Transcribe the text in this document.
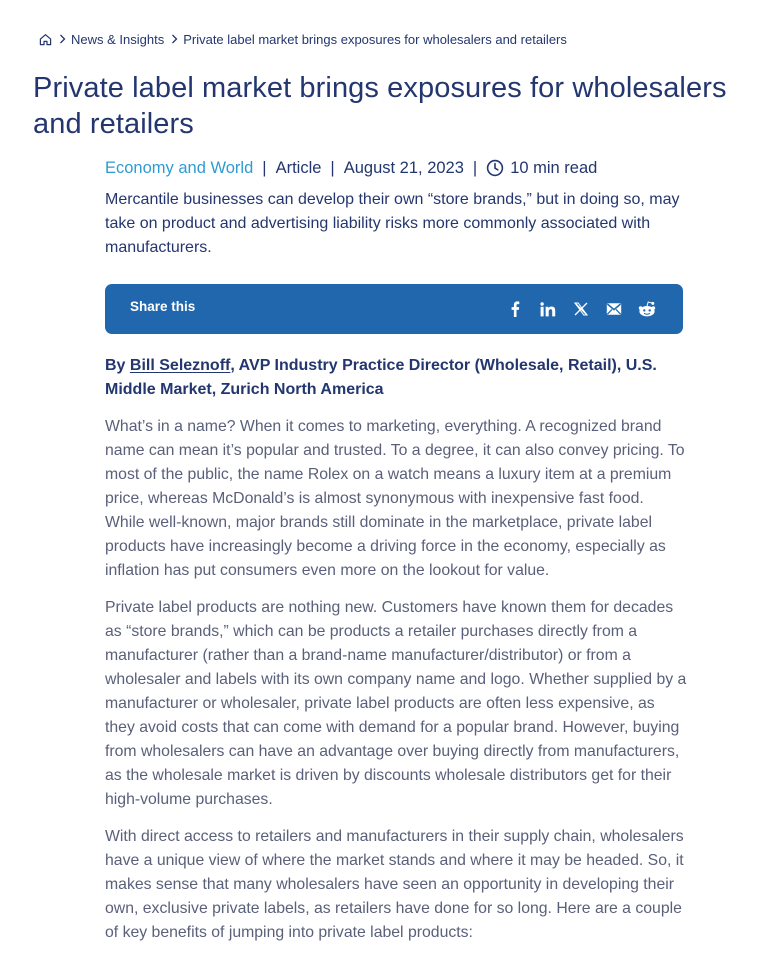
News & Insights Private label market brings exposures for wholesalers and retailers
Private label market brings exposures for wholesalers and retailers
Economy and World | Article | August 21, 2023 | 10 min read

Mercantile businesses can develop their own “store brands,” but in doing so, may take on product and advertising liability risks more commonly associated with manufacturers.

Share this

By Bill Seleznoff, AVP Industry Practice Director (Wholesale, Retail), U.S. Middle Market, Zurich North America

What’s in a name? When it comes to marketing, everything. A recognized brand name can mean it’s popular and trusted. To a degree, it can also convey pricing. To most of the public, the name Rolex on a watch means a luxury item at a premium price, whereas McDonald’s is almost synonymous with inexpensive fast food. While well-known, major brands still dominate in the marketplace, private label products have increasingly become a driving force in the economy, especially as inflation has put consumers even more on the lookout for value.

Private label products are nothing new. Customers have known them for decades as “store brands,” which can be products a retailer purchases directly from a manufacturer (rather than a brand-name manufacturer/distributor) or from a wholesaler and labels with its own company name and logo. Whether supplied by a manufacturer or wholesaler, private label products are often less expensive, as they avoid costs that can come with demand for a popular brand. However, buying from wholesalers can have an advantage over buying directly from manufacturers, as the wholesale market is driven by discounts wholesale distributors get for their high-volume purchases.

With direct access to retailers and manufacturers in their supply chain, wholesalers have a unique view of where the market stands and where it may be headed. So, it makes sense that many wholesalers have seen an opportunity in developing their own, exclusive private labels, as retailers have done for so long. Here are a couple of key benefits of jumping into private label products:
